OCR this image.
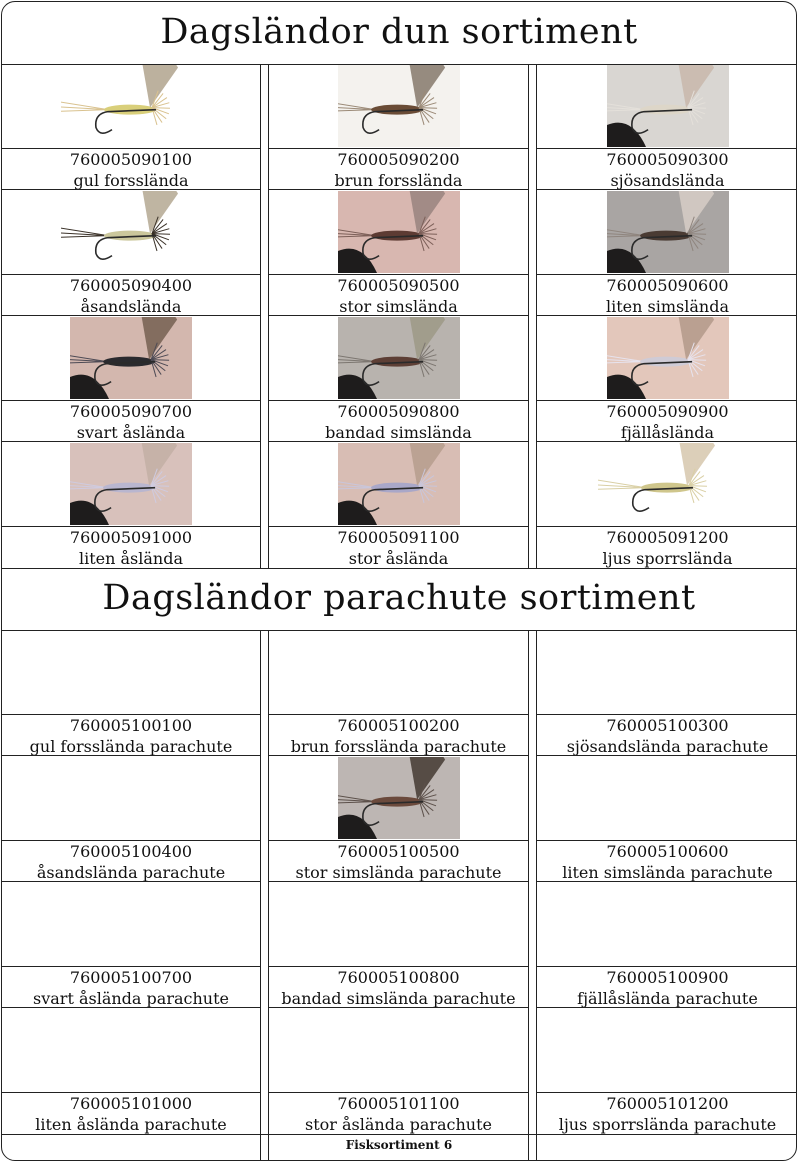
Dagsländor dun sortiment
760005090100
gul forsslända
760005090200
brun forsslända
760005090300
sjösandslända
760005090400
åsandslända
760005090500
stor simslända
760005090600
liten simslända
760005090700
svart åslända
760005090800
bandad simslända
760005090900
fjällåslända
760005091000
liten åslända
760005091100
stor åslända
760005091200
ljus sporrslända
Dagsländor parachute sortiment
760005100100
gul forsslända parachute
760005100200
brun forsslända parachute
760005100300
sjösandslända parachute
760005100400
åsandslända parachute
760005100500
stor simslända parachute
760005100600
liten simslända parachute
760005100700
svart åslända parachute
760005100800
bandad simslända parachute
760005100900
fjällåslända parachute
760005101000
liten åslända parachute
760005101100
stor åslända parachute
760005101200
ljus sporrslända parachute
Fisksortiment 6
